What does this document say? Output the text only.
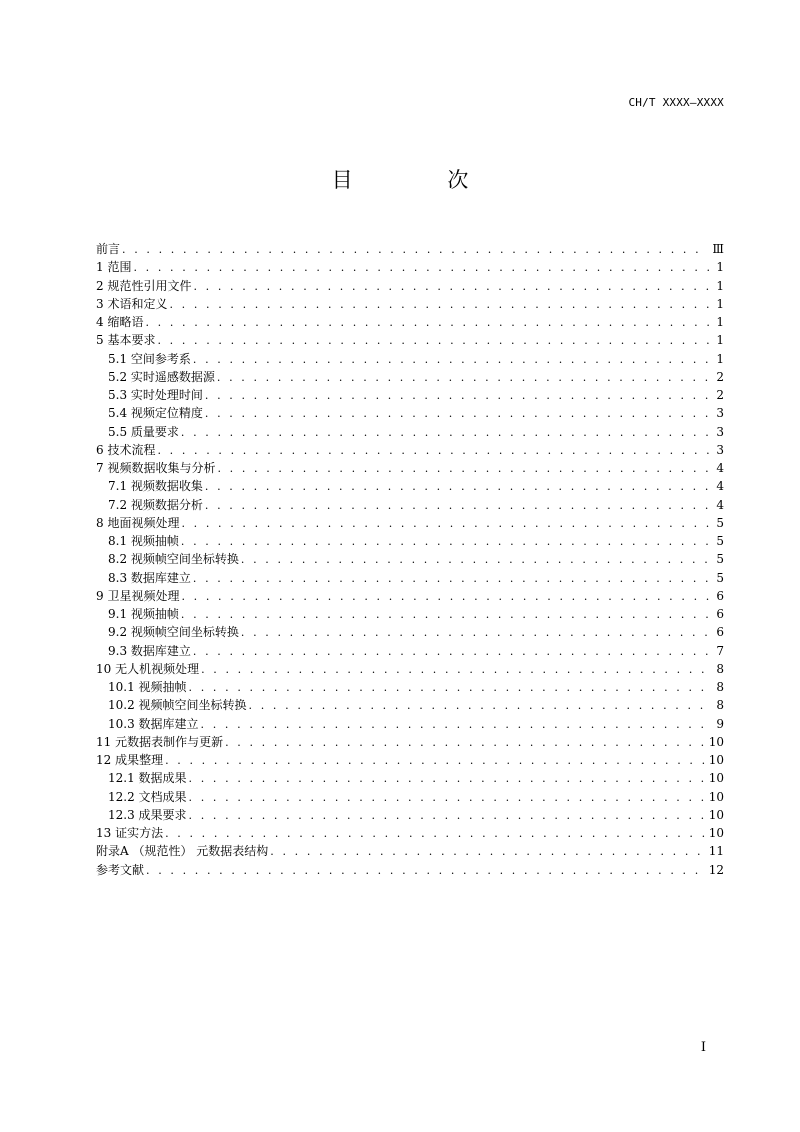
CH/T XXXX—XXXX
目 次
前言 . . .	Ⅲ
1 范围 . . .	1
2 规范性引用文件 . . .	1
3 术语和定义 . . .	1
4 缩略语 . . .	1
5 基本要求 . . .	1
5.1 空间参考系 . . .	1
5.2 实时遥感数据源 . . .	2
5.3 实时处理时间 . . .	2
5.4 视频定位精度 . . .	3
5.5 质量要求 . . .	3
6 技术流程 . . .	3
7 视频数据收集与分析 . . .	4
7.1 视频数据收集 . . .	4
7.2 视频数据分析 . . .	4
8 地面视频处理 . . .	5
8.1 视频抽帧 . . .	5
8.2 视频帧空间坐标转换 . . .	5
8.3 数据库建立 . . .	5
9 卫星视频处理 . . .	6
9.1 视频抽帧 . . .	6
9.2 视频帧空间坐标转换 . . .	6
9.3 数据库建立 . . .	7
10 无人机视频处理 . . .	8
10.1 视频抽帧 . . .	8
10.2 视频帧空间坐标转换 . . .	8
10.3 数据库建立 . . .	9
11 元数据表制作与更新 . . .	10
12 成果整理 . . .	10
12.1 数据成果 . . .	10
12.2 文档成果 . . .	10
12.3 成果要求 . . .	10
13 证实方法 . . .	10
附录A （规范性） 元数据表结构 . . .	11
参考文献 . . .	12
I
